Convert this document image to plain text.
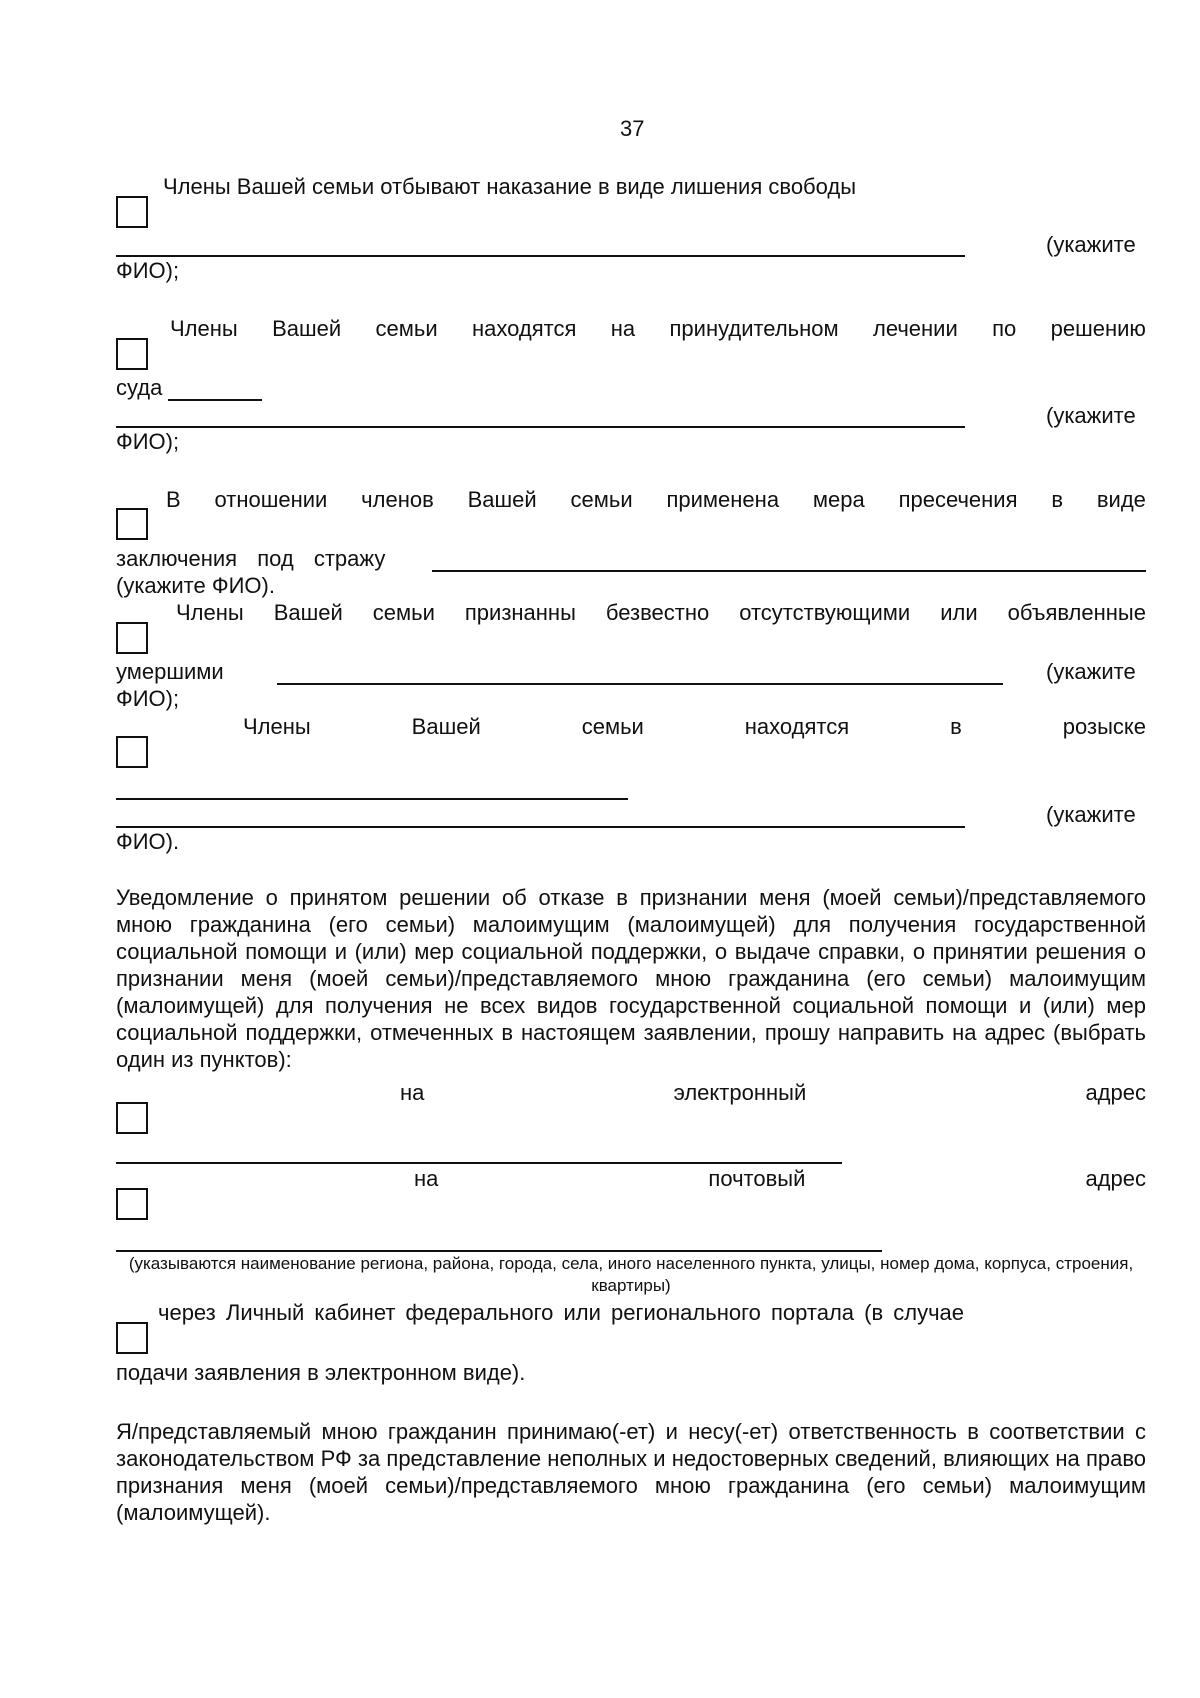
37
Члены Вашей семьи отбывают наказание в виде лишения свободы
(укажите
ФИО);
Члены Вашей семьи находятся на принудительном лечении по решению
суда
(укажите
ФИО);
В отношении членов Вашей семьи применена мера пресечения в виде
заключения под стражу
(укажите ФИО).
Члены Вашей семьи признанны безвестно отсутствующими или объявленные
умершими	(укажите
ФИО);
Члены	Вашей	семьи	находятся	в	розыске
(укажите
ФИО).
Уведомление о принятом решении об отказе в признании меня (моей семьи)/представляемого мною гражданина (его семьи) малоимущим (малоимущей) для получения государственной социальной помощи и (или) мер социальной поддержки, о выдаче справки, о принятии решения о признании меня (моей семьи)/представляемого мною гражданина (его семьи) малоимущим (малоимущей) для получения не всех видов государственной социальной помощи и (или) мер социальной поддержки, отмеченных в настоящем заявлении, прошу направить на адрес (выбрать один из пунктов):
на	электронный	адрес
на	почтовый	адрес
(указываются наименование региона, района, города, села, иного населенного пункта, улицы, номер дома, корпуса, строения, квартиры)
через Личный кабинет федерального или регионального портала (в случае
подачи заявления в электронном виде).
Я/представляемый мною гражданин принимаю(-ет) и несу(-ет) ответственность в соответствии с законодательством РФ за представление неполных и недостоверных сведений, влияющих на право признания меня (моей семьи)/представляемого мною гражданина (его семьи) малоимущим (малоимущей).
